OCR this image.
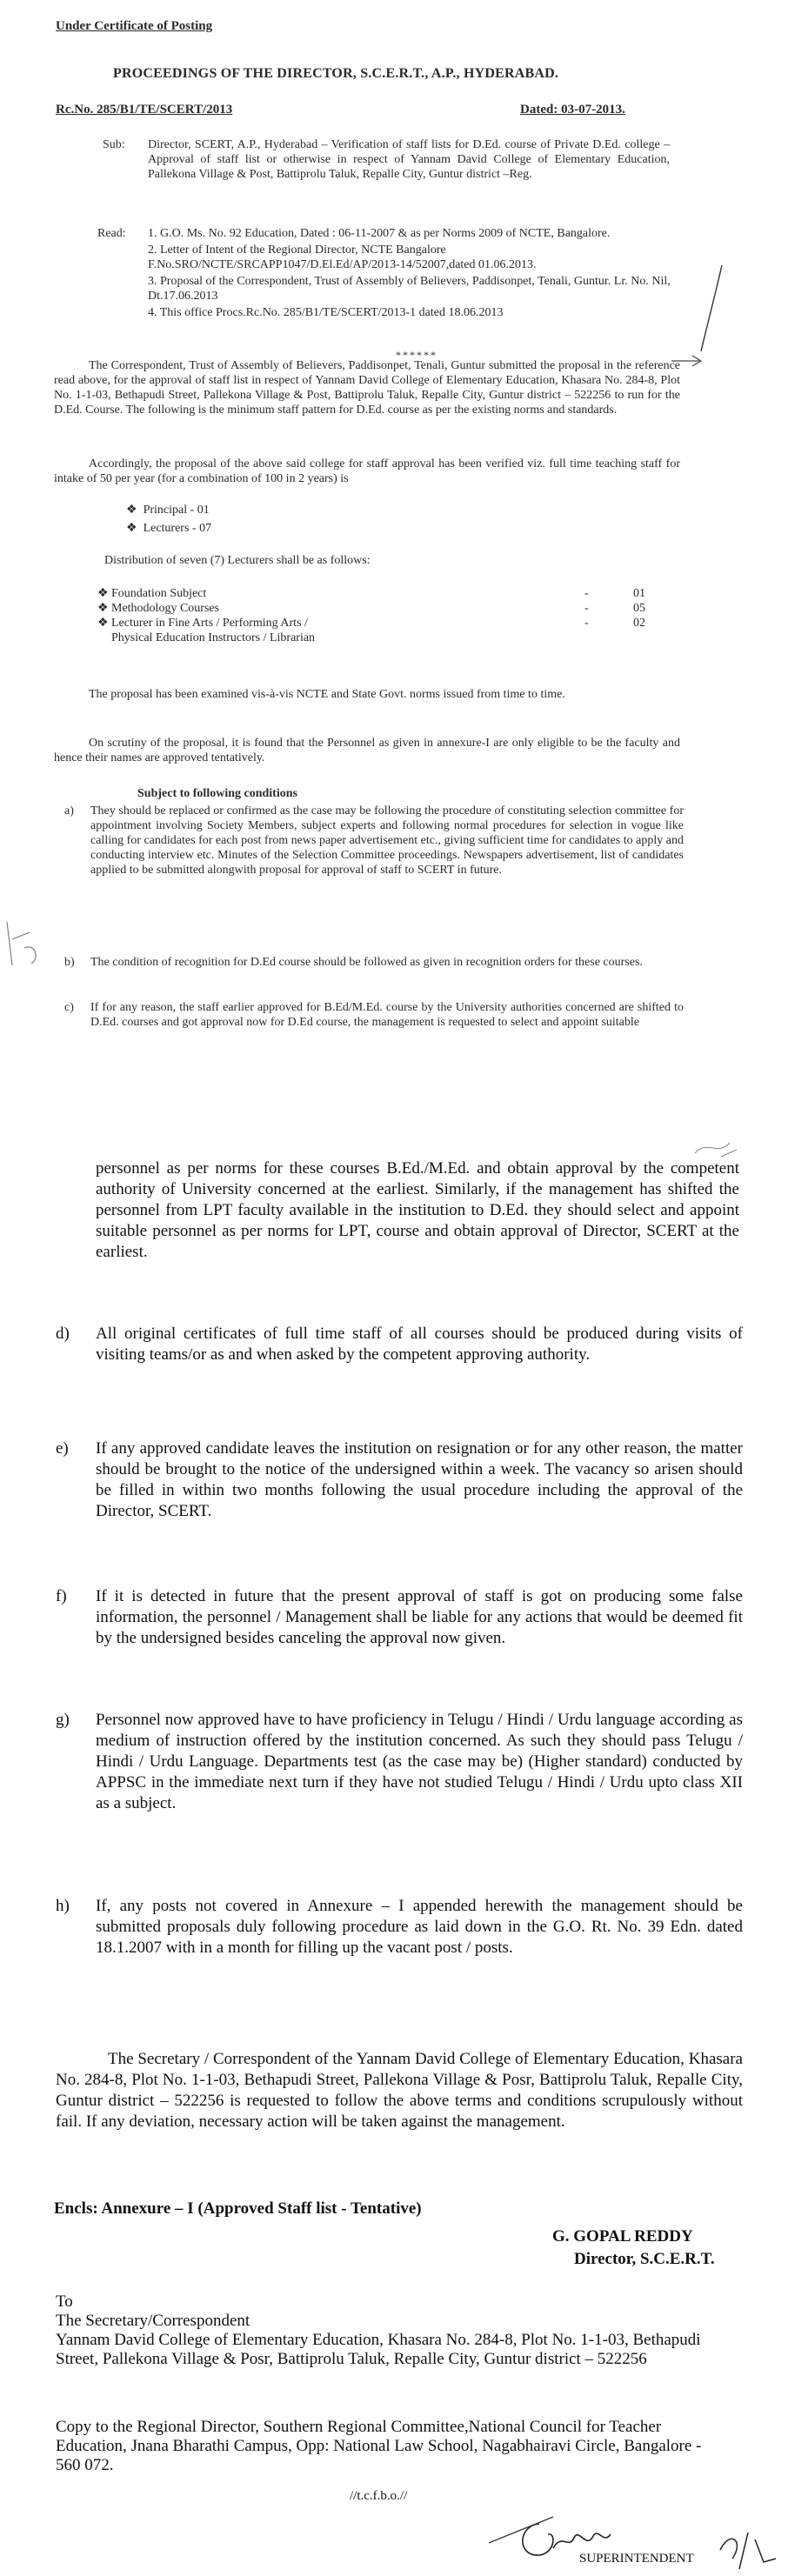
Under Certificate of Posting
PROCEEDINGS OF THE DIRECTOR, S.C.E.R.T., A.P., HYDERABAD.
Rc.No. 285/B1/TE/SCERT/2013	Dated: 03-07-2013.
Sub: Director, SCERT, A.P., Hyderabad – Verification of staff lists for D.Ed. course of Private D.Ed. college – Approval of staff list or otherwise in respect of Yannam David College of Elementary Education, Pallekona Village & Post, Battiprolu Taluk, Repalle City, Guntur district –Reg.
Read: 1. G.O. Ms. No. 92 Education, Dated : 06-11-2007 & as per Norms 2009 of NCTE, Bangalore.
2. Letter of Intent of the Regional Director, NCTE Bangalore F.No.SRO/NCTE/SRCAPP1047/D.El.Ed/AP/2013-14/52007,dated 01.06.2013.
3. Proposal of the Correspondent, Trust of Assembly of Believers, Paddisonpet, Tenali, Guntur. Lr. No. Nil, Dt.17.06.2013
4. This office Procs.Rc.No. 285/B1/TE/SCERT/2013-1 dated 18.06.2013
******
The Correspondent, Trust of Assembly of Believers, Paddisonpet, Tenali, Guntur submitted the proposal in the reference read above, for the approval of staff list in respect of Yannam David College of Elementary Education, Khasara No. 284-8, Plot No. 1-1-03, Bethapudi Street, Pallekona Village & Post, Battiprolu Taluk, Repalle City, Guntur district – 522256 to run for the D.Ed. Course. The following is the minimum staff pattern for D.Ed. course as per the existing norms and standards.
Accordingly, the proposal of the above said college for staff approval has been verified viz. full time teaching staff for intake of 50 per year (for a combination of 100 in 2 years) is
❖ Principal - 01
❖ Lecturers - 07
Distribution of seven (7) Lecturers shall be as follows:
❖ Foundation Subject	-	01
❖ Methodology Courses	-	05
❖ Lecturer in Fine Arts / Performing Arts /	-	02
Physical Education Instructors / Librarian
The proposal has been examined vis-à-vis NCTE and State Govt. norms issued from time to time.
On scrutiny of the proposal, it is found that the Personnel as given in annexure-I are only eligible to be the faculty and hence their names are approved tentatively.
Subject to following conditions
a) They should be replaced or confirmed as the case may be following the procedure of constituting selection committee for appointment involving Society Members, subject experts and following normal procedures for selection in vogue like calling for candidates for each post from news paper advertisement etc., giving sufficient time for candidates to apply and conducting interview etc. Minutes of the Selection Committee proceedings. Newspapers advertisement, list of candidates applied to be submitted alongwith proposal for approval of staff to SCERT in future.
b) The condition of recognition for D.Ed course should be followed as given in recognition orders for these courses.
c) If for any reason, the staff earlier approved for B.Ed/M.Ed. course by the University authorities concerned are shifted to D.Ed. courses and got approval now for D.Ed course, the management is requested to select and appoint suitable
personnel as per norms for these courses B.Ed./M.Ed. and obtain approval by the competent authority of University concerned at the earliest. Similarly, if the management has shifted the personnel from LPT faculty available in the institution to D.Ed. they should select and appoint suitable personnel as per norms for LPT, course and obtain approval of Director, SCERT at the earliest.
d) All original certificates of full time staff of all courses should be produced during visits of visiting teams/or as and when asked by the competent approving authority.
e) If any approved candidate leaves the institution on resignation or for any other reason, the matter should be brought to the notice of the undersigned within a week. The vacancy so arisen should be filled in within two months following the usual procedure including the approval of the Director, SCERT.
f) If it is detected in future that the present approval of staff is got on producing some false information, the personnel / Management shall be liable for any actions that would be deemed fit by the undersigned besides canceling the approval now given.
g) Personnel now approved have to have proficiency in Telugu / Hindi / Urdu language according as medium of instruction offered by the institution concerned. As such they should pass Telugu / Hindi / Urdu Language. Departments test (as the case may be) (Higher standard) conducted by APPSC in the immediate next turn if they have not studied Telugu / Hindi / Urdu upto class XII as a subject.
h) If, any posts not covered in Annexure – I appended herewith the management should be submitted proposals duly following procedure as laid down in the G.O. Rt. No. 39 Edn. dated 18.1.2007 with in a month for filling up the vacant post / posts.
The Secretary / Correspondent of the Yannam David College of Elementary Education, Khasara No. 284-8, Plot No. 1-1-03, Bethapudi Street, Pallekona Village & Posr, Battiprolu Taluk, Repalle City, Guntur district – 522256 is requested to follow the above terms and conditions scrupulously without fail. If any deviation, necessary action will be taken against the management.
Encls: Annexure – I (Approved Staff list - Tentative)
G. GOPAL REDDY
Director, S.C.E.R.T.
To
The Secretary/Correspondent
Yannam David College of Elementary Education, Khasara No. 284-8, Plot No. 1-1-03, Bethapudi Street, Pallekona Village & Posr, Battiprolu Taluk, Repalle City, Guntur district – 522256
Copy to the Regional Director, Southern Regional Committee,National Council for Teacher Education, Jnana Bharathi Campus, Opp: National Law School, Nagabhairavi Circle, Bangalore - 560 072.
//t.c.f.b.o.//
SUPERINTENDENT
